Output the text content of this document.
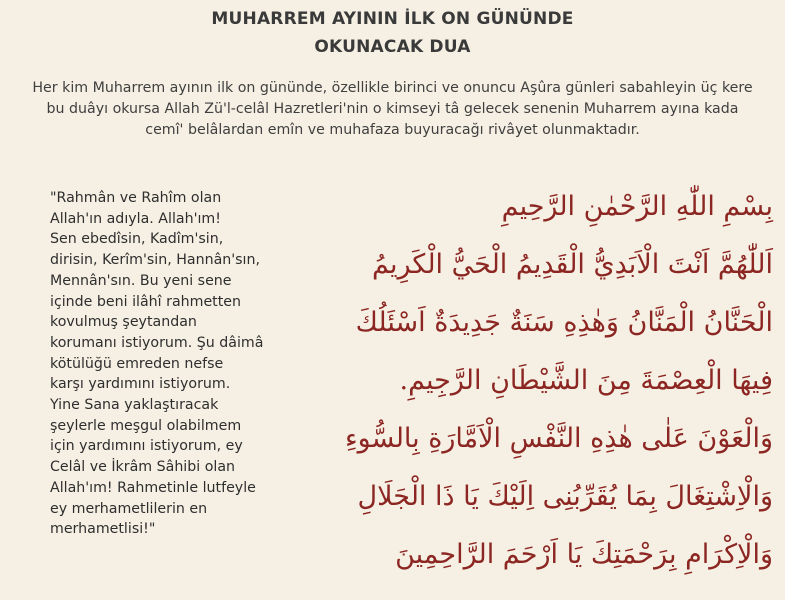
MUHARREM AYININ İLK ON GÜNÜNDE
OKUNACAK DUA
Her kim Muharrem ayının ilk on gününde, özellikle birinci ve onuncu Aşûra günleri sabahleyin üç kere bu duâyı okursa Allah Zü'l-celâl Hazretleri'nin o kimseyi tâ gelecek senenin Muharrem ayına kada cemî' belâlardan emîn ve muhafaza buyuracağı rivâyet olunmaktadır.
"Rahmân ve Rahîm olan
Allah'ın adıyla. Allah'ım!
Sen ebedîsin, Kadîm'sin,
dirisin, Kerîm'sin, Hannân'sın,
Mennân'sın. Bu yeni sene
içinde beni ilâhî rahmetten
kovulmuş şeytandan
korumanı istiyorum. Şu dâimâ
kötülüğü emreden nefse
karşı yardımını istiyorum.
Yine Sana yaklaştıracak
şeylerle meşgul olabilmem
için yardımını istiyorum, ey
Celâl ve İkrâm Sâhibi olan
Allah'ım! Rahmetinle lutfeyle
ey merhametlilerin en
merhametlisi!"
بِسْمِ اللّٰهِ الرَّحْمٰنِ الرَّحِيمِ
اَللّٰهُمَّ اَنْتَ الْاَبَدِيُّ الْقَدِيمُ الْحَيُّ الْكَرِيمُ
الْحَنَّانُ الْمَنَّانُ وَهٰذِهِ سَنَةٌ جَدِيدَةٌ اَسْئَلُكَ
فِيهَا الْعِصْمَةَ مِنَ الشَّيْطَانِ الرَّجِيمِ.
وَالْعَوْنَ عَلٰى هٰذِهِ النَّفْسِ الْاَمَّارَةِ بِالسُّوءِ
وَالْاِشْتِغَالَ بِمَا يُقَرِّبُنِى اِلَيْكَ يَا ذَا الْجَلَالِ
وَالْاِكْرَامِ بِرَحْمَتِكَ يَا اَرْحَمَ الرَّاحِمِينَ
